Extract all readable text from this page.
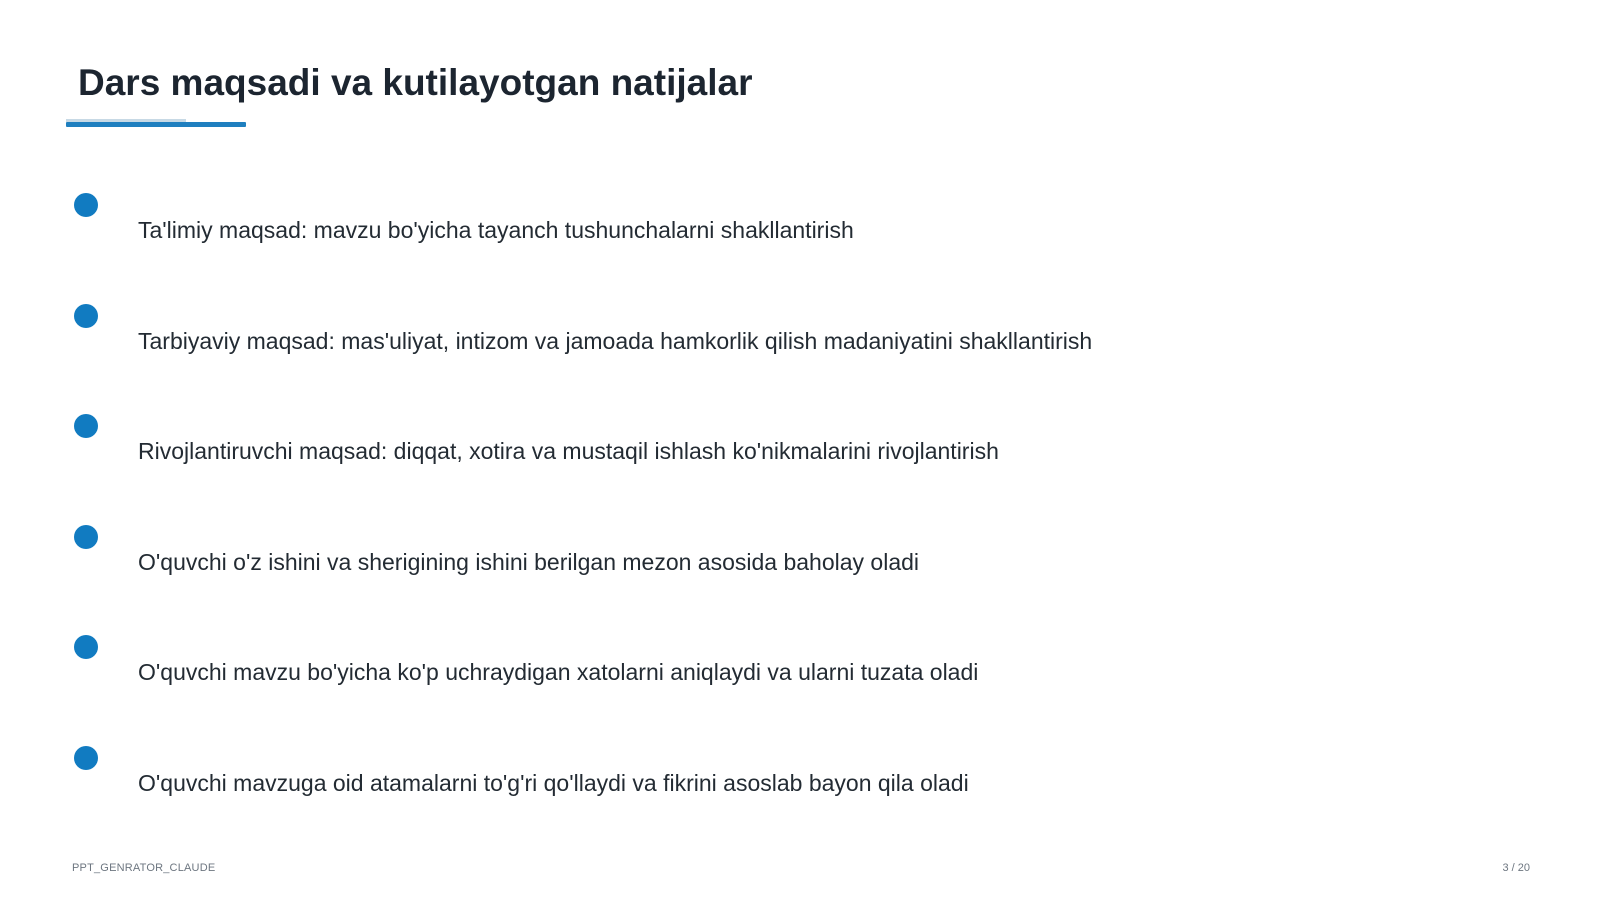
Dars maqsadi va kutilayotgan natijalar
Ta'limiy maqsad: mavzu bo'yicha tayanch tushunchalarni shakllantirish
Tarbiyaviy maqsad: mas'uliyat, intizom va jamoada hamkorlik qilish madaniyatini shakllantirish
Rivojlantiruvchi maqsad: diqqat, xotira va mustaqil ishlash ko'nikmalarini rivojlantirish
O'quvchi o'z ishini va sherigining ishini berilgan mezon asosida baholay oladi
O'quvchi mavzu bo'yicha ko'p uchraydigan xatolarni aniqlaydi va ularni tuzata oladi
O'quvchi mavzuga oid atamalarni to'g'ri qo'llaydi va fikrini asoslab bayon qila oladi
PPT_GENRATOR_CLAUDE	3 / 20
